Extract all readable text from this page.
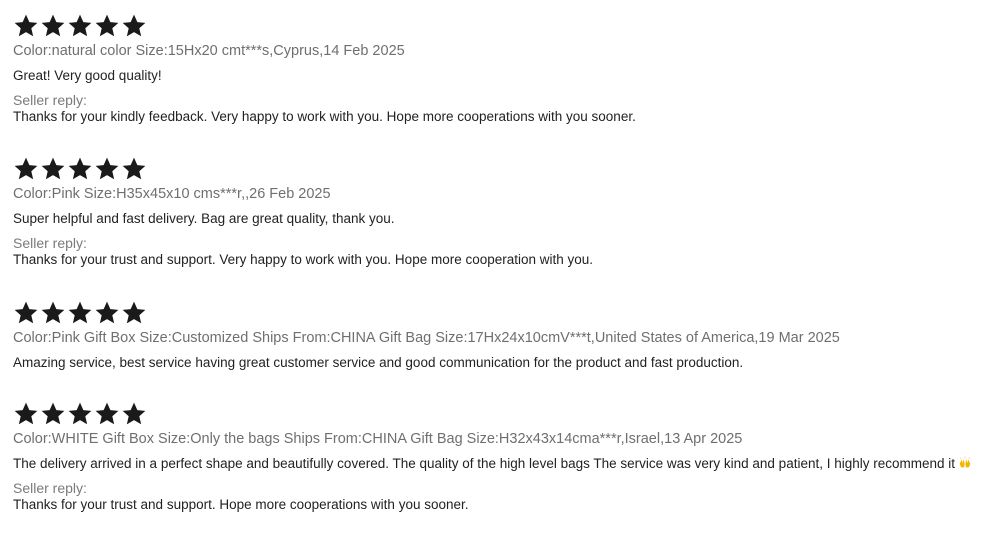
Color:natural color Size:15Hx20 cmt***s,Cyprus,14 Feb 2025
Great! Very good quality!
Seller reply:
Thanks for your kindly feedback. Very happy to work with you. Hope more cooperations with you sooner.
Color:Pink Size:H35x45x10 cms***r,,26 Feb 2025
Super helpful and fast delivery. Bag are great quality, thank you.
Seller reply:
Thanks for your trust and support. Very happy to work with you. Hope more cooperation with you.
Color:Pink Gift Box Size:Customized Ships From:CHINA Gift Bag Size:17Hx24x10cmV***t,United States of America,19 Mar 2025
Amazing service, best service having great customer service and good communication for the product and fast production.
Color:WHITE Gift Box Size:Only the bags Ships From:CHINA Gift Bag Size:H32x43x14cma***r,Israel,13 Apr 2025
The delivery arrived in a perfect shape and beautifully covered. The quality of the high level bags The service was very kind and patient, I highly recommend it
Seller reply:
Thanks for your trust and support. Hope more cooperations with you sooner.
